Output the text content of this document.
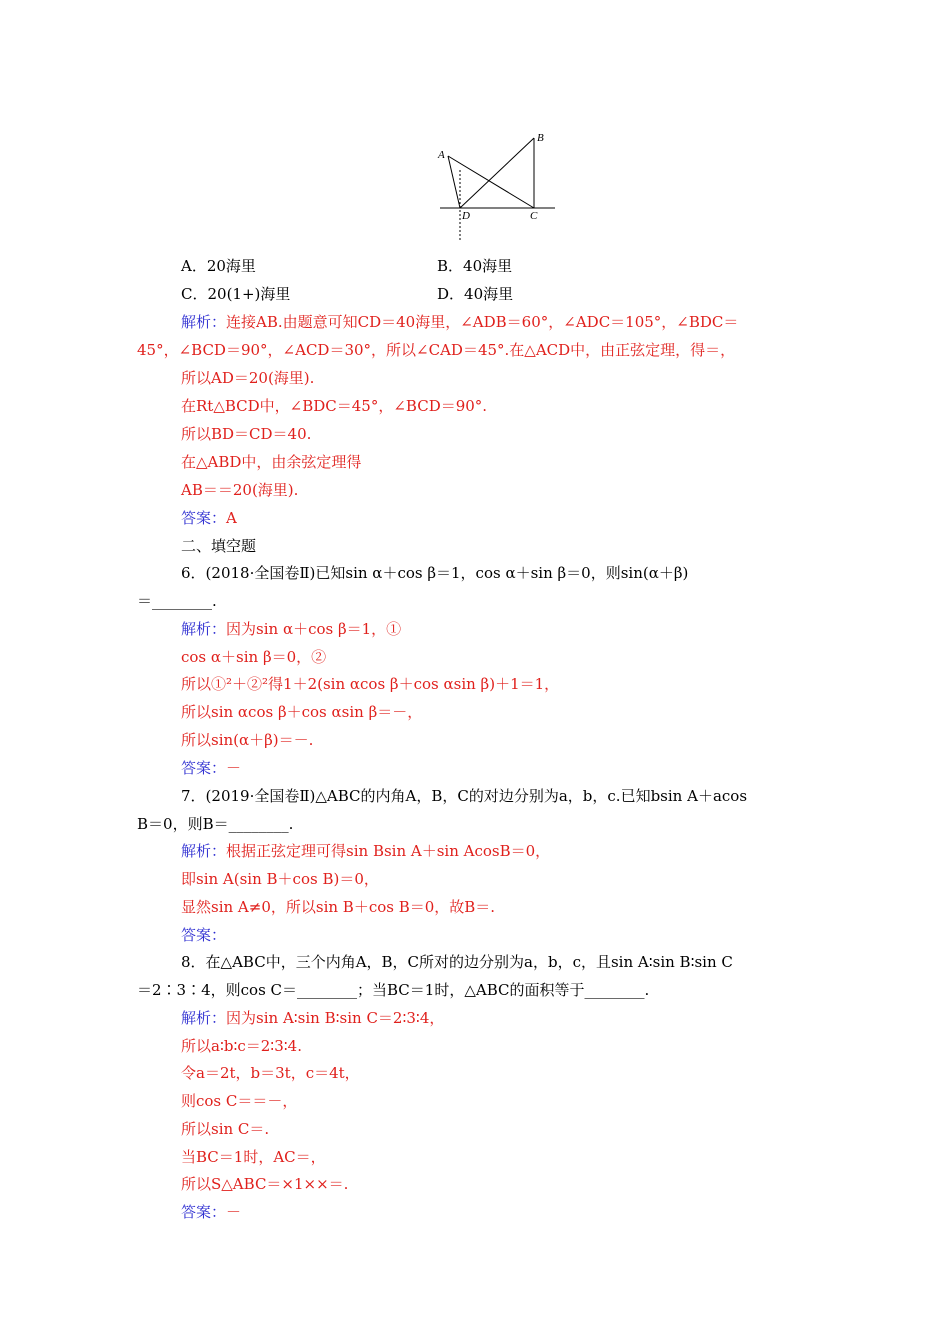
A
B
C
D
A．20海里	B．40海里
C．20(1+)海里	D．40海里
解析：连接AB.由题意可知CD＝40海里，∠ADB＝60°，∠ADC＝105°，∠BDC＝
45°，∠BCD＝90°，∠ACD＝30°，所以∠CAD＝45°.在△ACD中，由正弦定理，得＝，
所以AD＝20(海里).
在Rt△BCD中，∠BDC＝45°，∠BCD＝90°.
所以BD＝CD＝40.
在△ABD中，由余弦定理得
AB＝＝20(海里).
答案：A
二、填空题
6．(2018·全国卷Ⅱ)已知sin α＋cos β＝1，cos α＋sin β＝0，则sin(α＋β)
＝________.
解析：因为sin α＋cos β＝1，①
cos α＋sin β＝0，②
所以①²＋②²得1＋2(sin αcos β＋cos αsin β)＋1＝1，
所以sin αcos β＋cos αsin β＝－，
所以sin(α＋β)＝－.
答案：－
7．(2019·全国卷Ⅱ)△ABC的内角A，B，C的对边分别为a，b，c.已知bsin A＋acos
B＝0，则B＝________.
解析：根据正弦定理可得sin Bsin A＋sin AcosB＝0，
即sin A(sin B＋cos B)＝0，
显然sin A≠0，所以sin B＋cos B＝0，故B＝.
答案：
8．在△ABC中，三个内角A，B，C所对的边分别为a，b，c，且sin A∶sin B∶sin C
＝2∶3∶4，则cos C＝________；当BC＝1时，△ABC的面积等于________.
解析：因为sin A∶sin B∶sin C＝2∶3∶4，
所以a∶b∶c＝2∶3∶4.
令a＝2t，b＝3t，c＝4t，
则cos C＝＝－，
所以sin C＝.
当BC＝1时，AC＝，
所以S△ABC＝×1××＝.
答案：－
